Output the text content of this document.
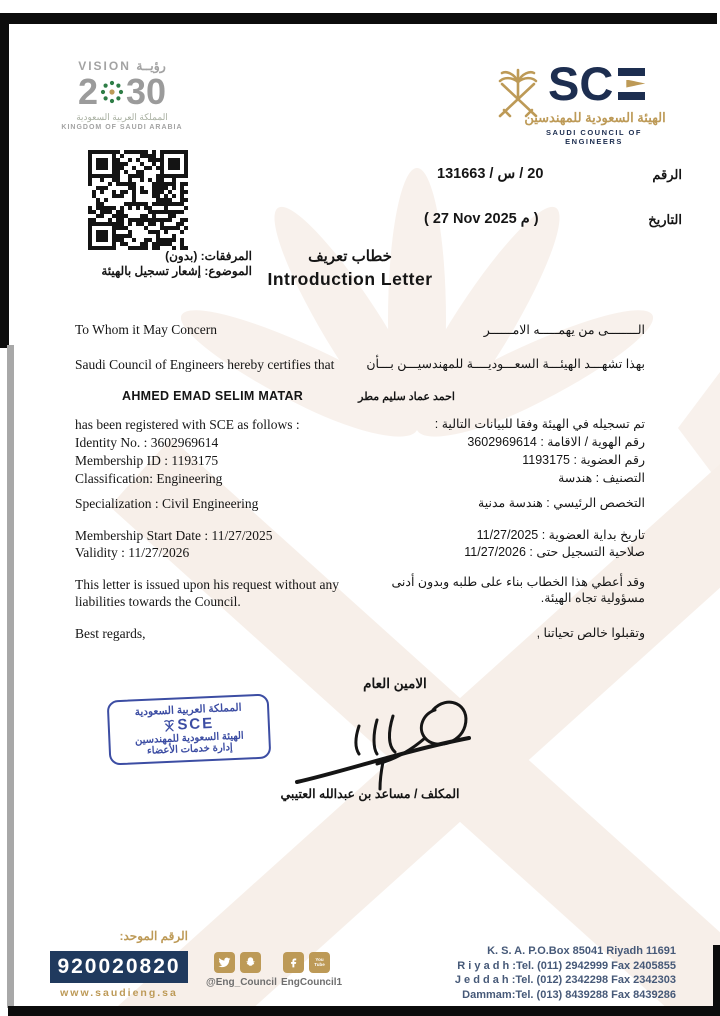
VISION رؤيــة
2 30
المملكة العربية السعودية
KINGDOM OF SAUDI ARABIA
SC
الهيئة السعودية للمهندسين
SAUDI COUNCIL OF ENGINEERS
الرقم
131663 / س‎ / 20
التاريخ
( 27 Nov 2025 م )
المرفقات: (بدون)
الموضوع: إشعار تسجيل بالهيئة
خطاب تعريف
Introduction Letter
To Whom it May Concern	الــــــــى من يهمـــــه الامــــــر
Saudi Council of Engineers hereby certifies that	بهذا تشهـــد الهيئـــة السعـــوديــــة للمهندسيـــن بـــأن
AHMED EMAD SELIM MATAR	احمد عماد سليم مطر
has been registered with SCE as follows :
Identity No. : 3602969614
Membership ID : 1193175
Classification: Engineering
تم تسجيله في الهيئة وفقا للبيانات التالية :
رقم الهوية / الاقامة : 3602969614
رقم العضوية : 1193175
التصنيف : هندسة
Specialization : Civil Engineering	التخصص الرئيسي : هندسة مدنية
Membership Start Date : 11/27/2025
Validity : 11/27/2026
تاريخ بداية العضوية : 11/27/2025
صلاحية التسجيل حتى : 11/27/2026
This letter is issued upon his request without any liabilities towards the Council.
وقد أعطي هذا الخطاب بناء على طلبه وبدون أدنى مسؤولية تجاه الهيئة.
Best regards,	وتقبلوا خالص تحياتنا ,
الامين العام
المملكة العربية السعودية
SCE
الهيئة السعودية للمهندسين
إدارة خدمات الأعضاء
المكلف / مساعد بن عبدالله العتيبي
الرقم الموحد:
920020820
www.saudieng.sa
@Eng_Council
You
Tube
EngCouncil1
K. S. A. P.O.Box 85041 Riyadh 11691
R i y a d h :Tel. (011) 2942999 Fax 2405855
J e d d a h :Tel. (012) 2342298 Fax 2342303
Dammam:Tel. (013) 8439288 Fax 8439286
